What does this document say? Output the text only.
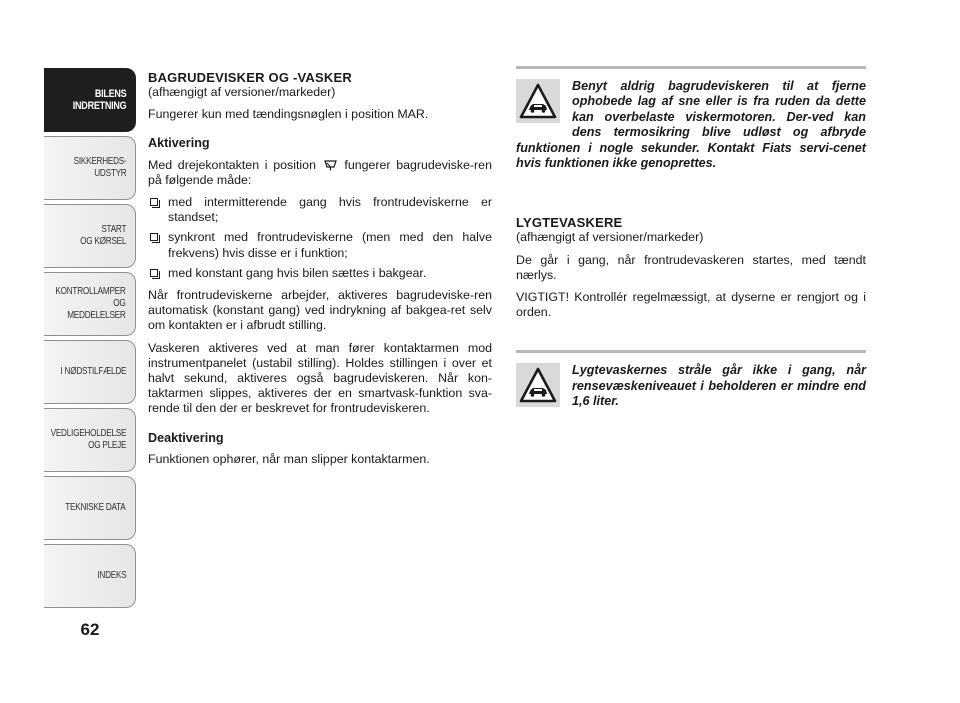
BILENS
INDRETNING
SIKKERHEDS-
UDSTYR
START
OG KØRSEL
KONTROLLAMPER
OG MEDDELELSER
I NØDSTILFÆLDE
VEDLIGEHOLDELSE
OG PLEJE
TEKNISKE DATA
INDEKS
62
BAGRUDEVISKER OG -VASKER
(afhængigt af versioner/markeder)

Fungerer kun med tændingsnøglen i position MAR.

Aktivering

Med drejekontakten i position fungerer bagrudeviske-ren på følgende måde:

med intermitterende gang hvis frontrudeviskerne er standset;
synkront med frontrudeviskerne (men med den halve frekvens) hvis disse er i funktion;
med konstant gang hvis bilen sættes i bakgear.

Når frontrudeviskerne arbejder, aktiveres bagrudeviske-ren automatisk (konstant gang) ved indrykning af bakgea-ret selv om kontakten er i afbrudt stilling.

Vaskeren aktiveres ved at man fører kontaktarmen mod instrumentpanelet (ustabil stilling). Holdes stillingen i over et halvt sekund, aktiveres også bagrudeviskeren. Når kon-taktarmen slippes, aktiveres der en smartvask-funktion sva-rende til den der er beskrevet for frontrudeviskeren.

Deaktivering

Funktionen ophører, når man slipper kontaktarmen.

Benyt aldrig bagrudeviskeren til at fjerne ophobede lag af sne eller is fra ruden da dette kan overbelaste viskermotoren. Der-ved kan dens termosikring blive udløst og afbryde funktionen i nogle sekunder. Kontakt Fiats servi-cenet hvis funktionen ikke genoprettes.
LYGTEVASKERE
(afhængigt af versioner/markeder)

De går i gang, når frontrudevaskeren startes, med tændt nærlys.

VIGTIGT! Kontrollér regelmæssigt, at dyserne er rengjort og i orden.

Lygtevaskernes stråle går ikke i gang, når rensevæskeniveauet i beholderen er mindre end 1,6 liter.
